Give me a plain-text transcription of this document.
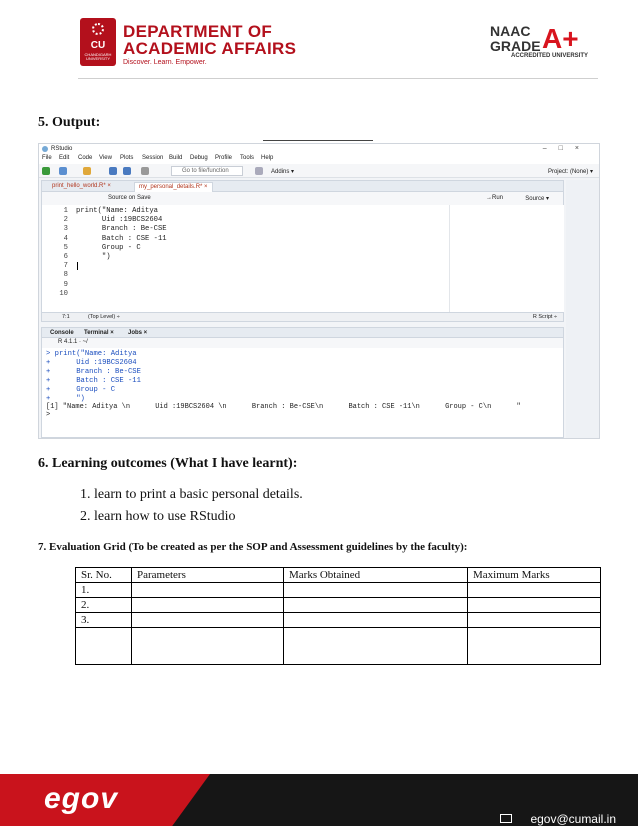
CU
CHANDIGARH UNIVERSITY
DEPARTMENT OF
ACADEMIC AFFAIRS
Discover. Learn. Empower.
NAAC
GRADE A+
ACCREDITED UNIVERSITY
5. Output:
RStudio	–□×
File Edit Code View Plots Session Build Debug Profile Tools Help
Go to file/function	Addins ▾	Project: (None) ▾
print_hello_world.R* ×	my_personal_details.R* ×
Source on Save	→Run	Source ▾
1
2
3
4
5
6
7
8
9
10
print("Name: Aditya
Uid :19BCS2604
Branch : Be-CSE
Batch : CSE -11
Group - C
")
7:1	(Top Level) ÷	R Script ÷
Console Terminal × Jobs ×
R 4.1.1 · ~/
> print("Name: Aditya
+      Uid :19BCS2604
+      Branch : Be-CSE
+      Batch : CSE -11
+      Group - C
+      ")
[1] "Name: Aditya \n      Uid :19BCS2604 \n      Branch : Be-CSE\n      Batch : CSE -11\n      Group - C\n      "
>
6. Learning outcomes (What I have learnt):
1. learn to print a basic personal details.
2. learn how to use RStudio
7. Evaluation Grid (To be created as per the SOP and Assessment guidelines by the faculty):
Sr. No.	Parameters	Marks Obtained	Maximum Marks
1.			
2.			
3.			

egov
egov@cumail.in
